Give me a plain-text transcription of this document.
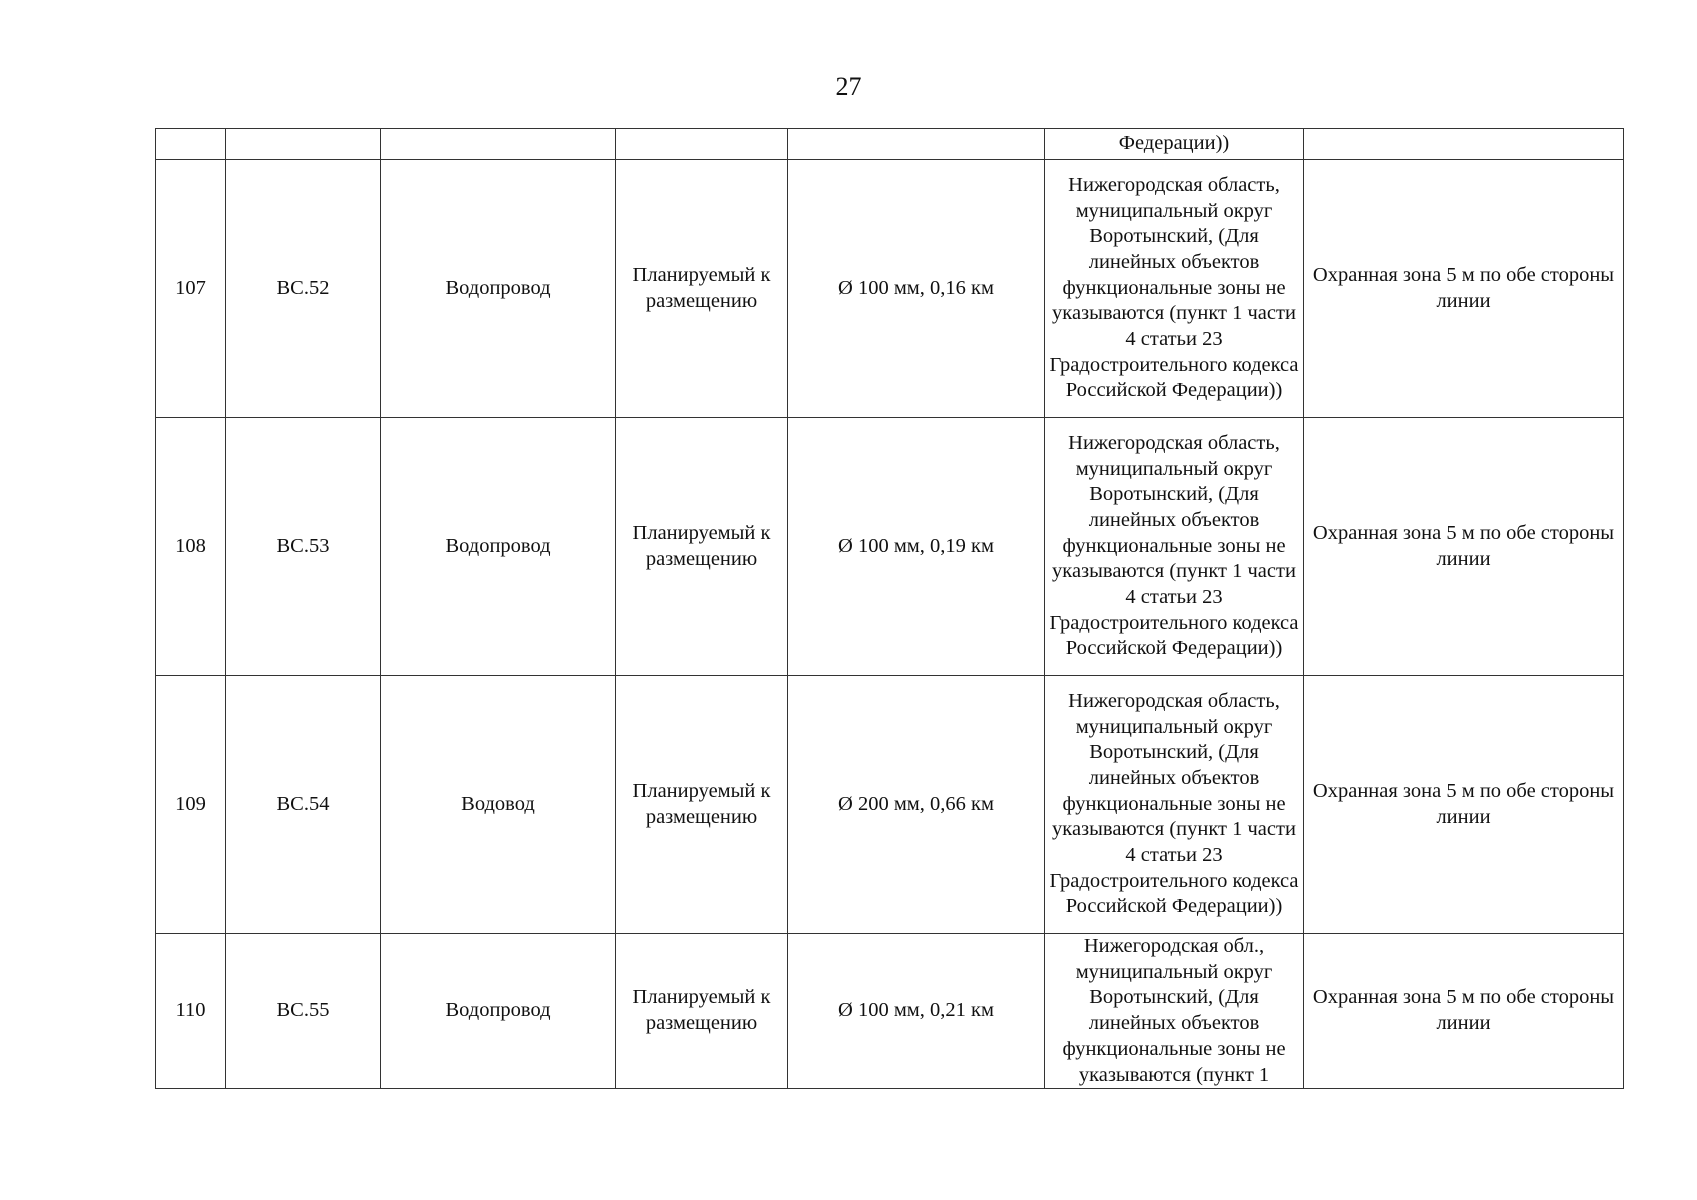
27
					Федерации))	
107	ВС.52	Водопровод	Планируемый к размещению	Ø 100 мм, 0,16 км	Нижегородская область, муниципальный округ Воротынский, (Для линейных объектов функциональные зоны не указываются (пункт 1 части 4 статьи 23 Градостроительного кодекса Российской Федерации))	Охранная зона 5 м по обе стороны линии
108	ВС.53	Водопровод	Планируемый к размещению	Ø 100 мм, 0,19 км	Нижегородская область, муниципальный округ Воротынский, (Для линейных объектов функциональные зоны не указываются (пункт 1 части 4 статьи 23 Градостроительного кодекса Российской Федерации))	Охранная зона 5 м по обе стороны линии
109	ВС.54	Водовод	Планируемый к размещению	Ø 200 мм, 0,66 км	Нижегородская область, муниципальный округ Воротынский, (Для линейных объектов функциональные зоны не указываются (пункт 1 части 4 статьи 23 Градостроительного кодекса Российской Федерации))	Охранная зона 5 м по обе стороны линии
110	ВС.55	Водопровод	Планируемый к размещению	Ø 100 мм, 0,21 км	Нижегородская обл., муниципальный округ Воротынский, (Для линейных объектов функциональные зоны не указываются (пункт 1	Охранная зона 5 м по обе стороны линии
